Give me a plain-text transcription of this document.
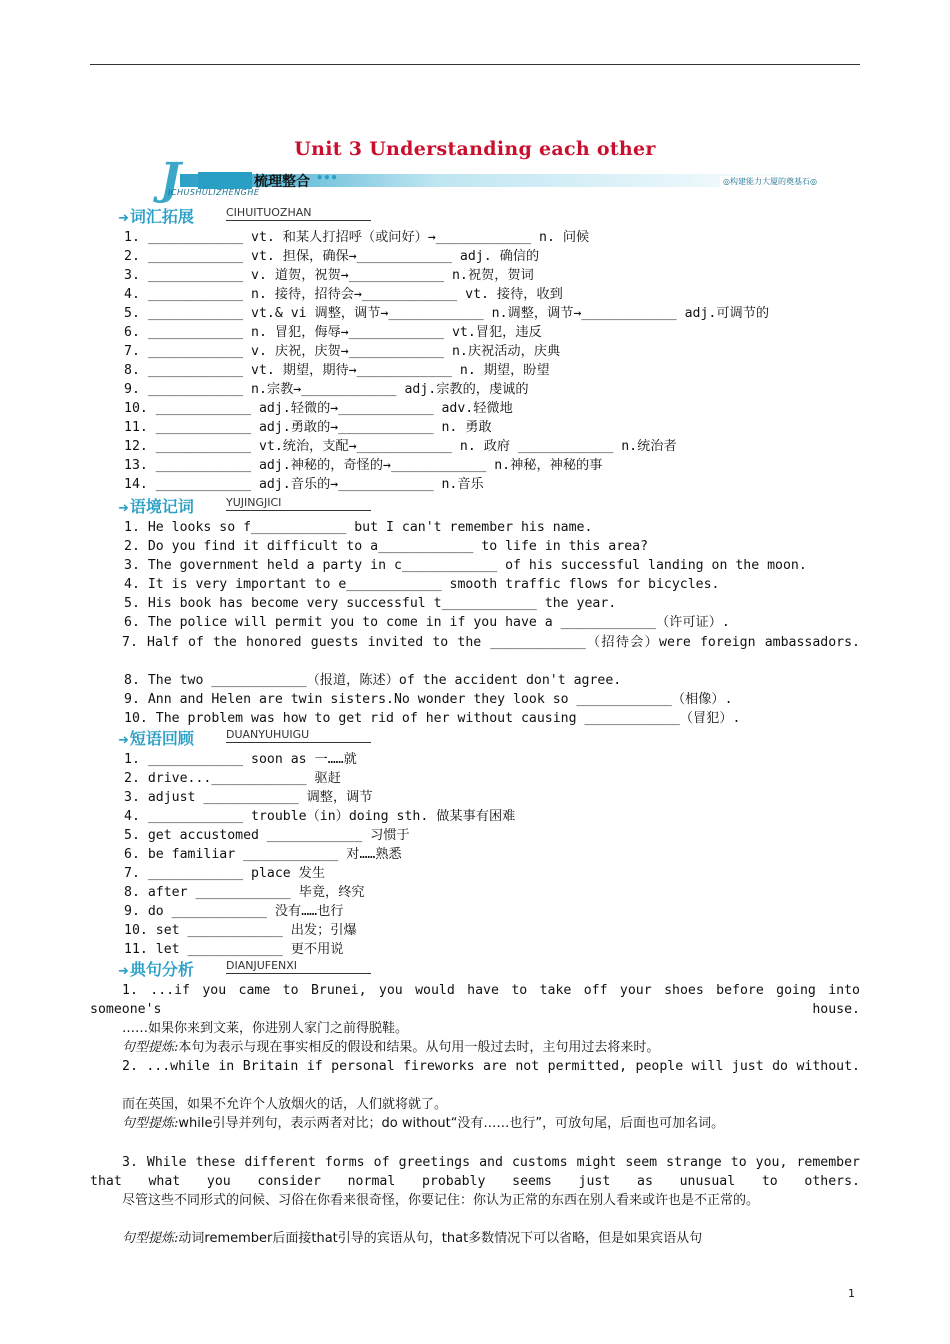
Unit 3 Understanding each other
J	梳理整合 •••
ICHUSHULIZHENGHE
◎构建能力大厦的奠基石◎
➜词汇拓展	CIHUITUOZHAN
1. ____________ vt. 和某人打招呼（或问好）→____________ n. 问候
2. ____________ vt. 担保，确保→____________ adj. 确信的
3. ____________ v. 道贺，祝贺→____________ n.祝贺，贺词
4. ____________ n. 接待，招待会→____________ vt. 接待，收到
5. ____________ vt.& vi 调整，调节→____________ n.调整，调节→____________ adj.可调节的
6. ____________ n. 冒犯，侮辱→____________ vt.冒犯，违反
7. ____________ v. 庆祝，庆贺→____________ n.庆祝活动，庆典
8. ____________ vt. 期望，期待→____________ n. 期望，盼望
9. ____________ n.宗教→____________ adj.宗教的，虔诚的
10. ____________ adj.轻微的→____________ adv.轻微地
11. ____________ adj.勇敢的→____________ n. 勇敢
12. ____________ vt.统治，支配→____________ n. 政府 ____________ n.统治者
13. ____________ adj.神秘的，奇怪的→____________ n.神秘，神秘的事
14. ____________ adj.音乐的→____________ n.音乐
➜语境记词	YUJINGJICI
1. He looks so f____________ but I can't remember his name.
2. Do you find it difficult to a____________ to life in this area?
3. The government held a party in c____________ of his successful landing on the moon.
4. It is very important to e____________ smooth traffic flows for bicycles.
5. His book has become very successful t____________ the year.
6. The police will permit you to come in if you have a ____________（许可证）.
7. Half of the honored guests invited to the ____________（招待会）were foreign ambassadors.
8. The two ____________（报道，陈述）of the accident don't agree.
9. Ann and Helen are twin sisters.No wonder they look so ____________（相像）.
10. The problem was how to get rid of her without causing ____________（冒犯）.
➜短语回顾	DUANYUHUIGU
1. ____________ soon as 一……就
2. drive...____________ 驱赶
3. adjust ____________ 调整，调节
4. ____________ trouble（in）doing sth. 做某事有困难
5. get accustomed ____________ 习惯于
6. be familiar ____________ 对……熟悉
7. ____________ place 发生
8. after ____________ 毕竟，终究
9. do ____________ 没有……也行
10. set ____________ 出发；引爆
11. let ____________ 更不用说
➜典句分析	DIANJUFENXI
1. ...if you came to Brunei, you would have to take off your shoes before going into someone's house.
……如果你来到文莱，你进别人家门之前得脱鞋。
句型提炼:本句为表示与现在事实相反的假设和结果。从句用一般过去时，主句用过去将来时。
2. ...while in Britain if personal fireworks are not permitted, people will just do without.
而在英国，如果不允许个人放烟火的话，人们就将就了。
句型提炼:while引导并列句，表示两者对比；do without“没有……也行”，可放句尾，后面也可加名词。
3. While these different forms of greetings and customs might seem strange to you, remember that what you consider normal probably seems just as unusual to others.
尽管这些不同形式的问候、习俗在你看来很奇怪，你要记住：你认为正常的东西在别人看来或许也是不正常的。
句型提炼:动词remember后面接that引导的宾语从句，that多数情况下可以省略，但是如果宾语从句
1
